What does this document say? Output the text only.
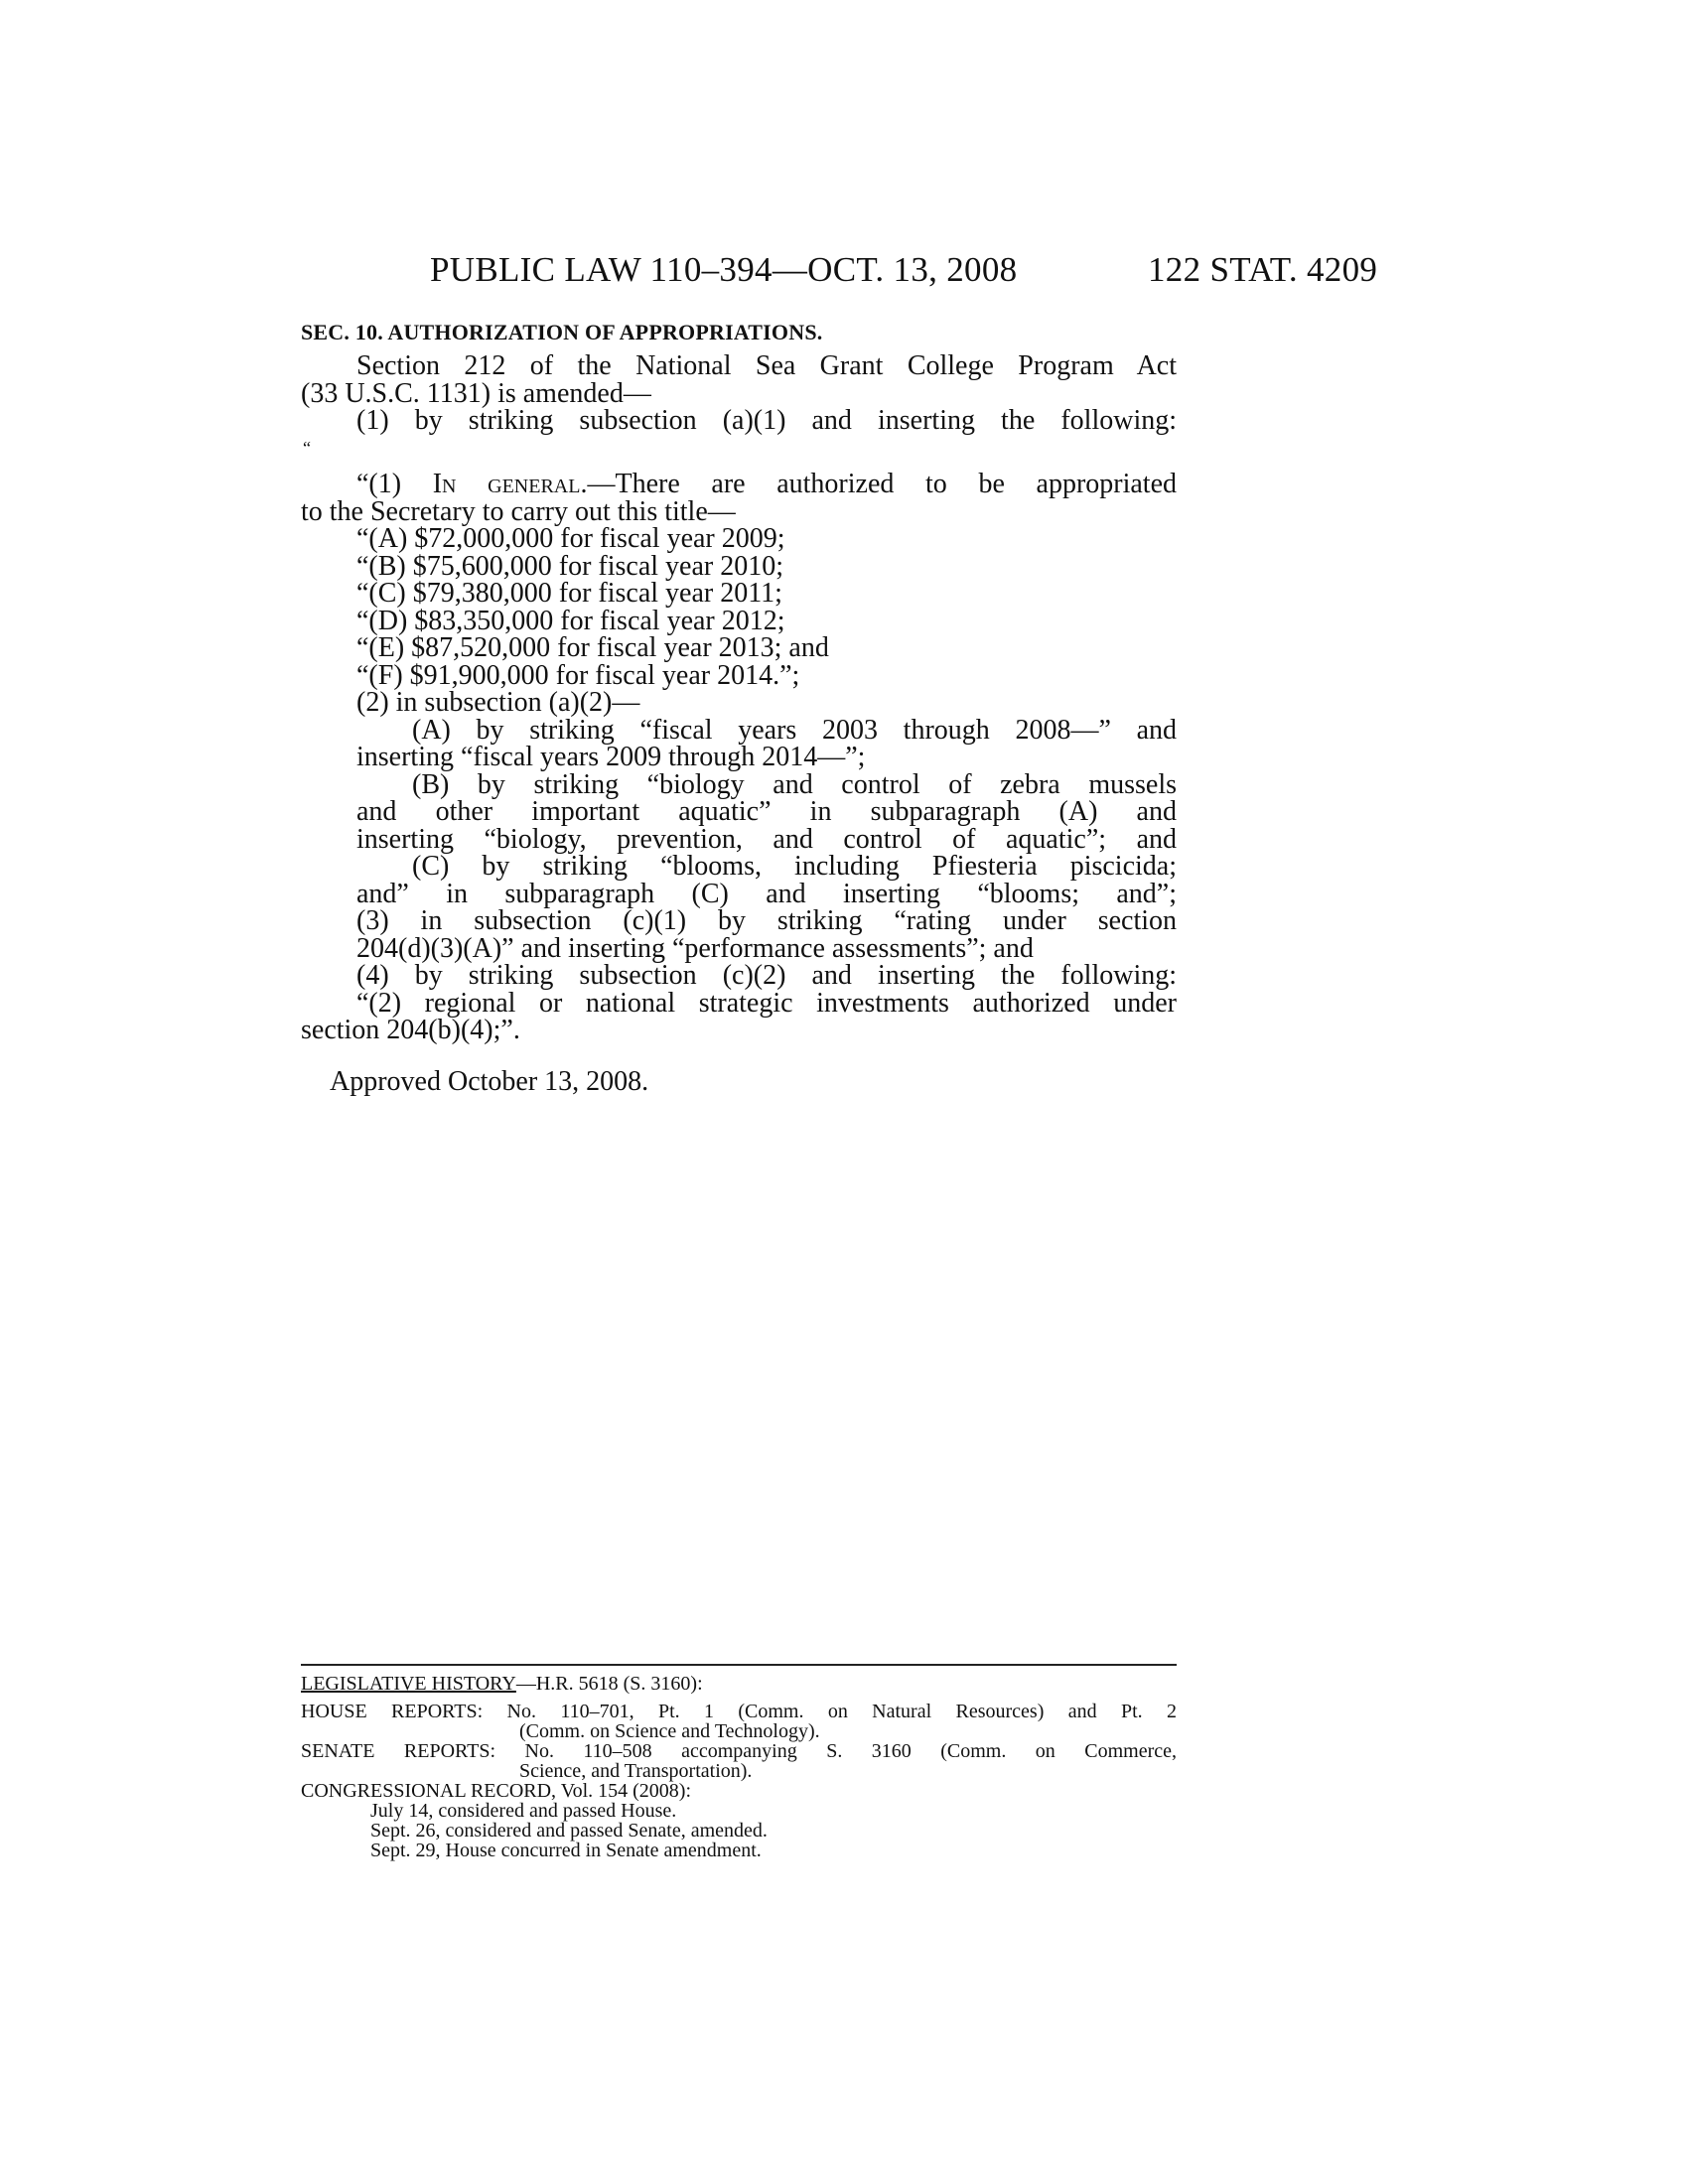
PUBLIC LAW 110–394—OCT. 13, 2008	122 STAT. 4209
SEC. 10. AUTHORIZATION OF APPROPRIATIONS.
Section 212 of the National Sea Grant College Program Act
(33 U.S.C. 1131) is amended—
(1) by striking subsection (a)(1) and inserting the following:
“
“(1) In general.—There are authorized to be appropriated
to the Secretary to carry out this title—
“(A) $72,000,000 for fiscal year 2009;
“(B) $75,600,000 for fiscal year 2010;
“(C) $79,380,000 for fiscal year 2011;
“(D) $83,350,000 for fiscal year 2012;
“(E) $87,520,000 for fiscal year 2013; and
“(F) $91,900,000 for fiscal year 2014.”;
(2) in subsection (a)(2)—
(A) by striking “fiscal years 2003 through 2008—” and
inserting “fiscal years 2009 through 2014—”;
(B) by striking “biology and control of zebra mussels
and other important aquatic” in subparagraph (A) and
inserting “biology, prevention, and control of aquatic”; and
(C) by striking “blooms, including Pfiesteria piscicida;
and” in subparagraph (C) and inserting “blooms; and”;
(3) in subsection (c)(1) by striking “rating under section
204(d)(3)(A)” and inserting “performance assessments”; and
(4) by striking subsection (c)(2) and inserting the following:
“(2) regional or national strategic investments authorized under
section 204(b)(4);”.
Approved October 13, 2008.
LEGISLATIVE HISTORY—H.R. 5618 (S. 3160):
HOUSE REPORTS: No. 110–701, Pt. 1 (Comm. on Natural Resources) and Pt. 2
(Comm. on Science and Technology).
SENATE REPORTS: No. 110–508 accompanying S. 3160 (Comm. on Commerce,
Science, and Transportation).
CONGRESSIONAL RECORD, Vol. 154 (2008):
July 14, considered and passed House.
Sept. 26, considered and passed Senate, amended.
Sept. 29, House concurred in Senate amendment.
